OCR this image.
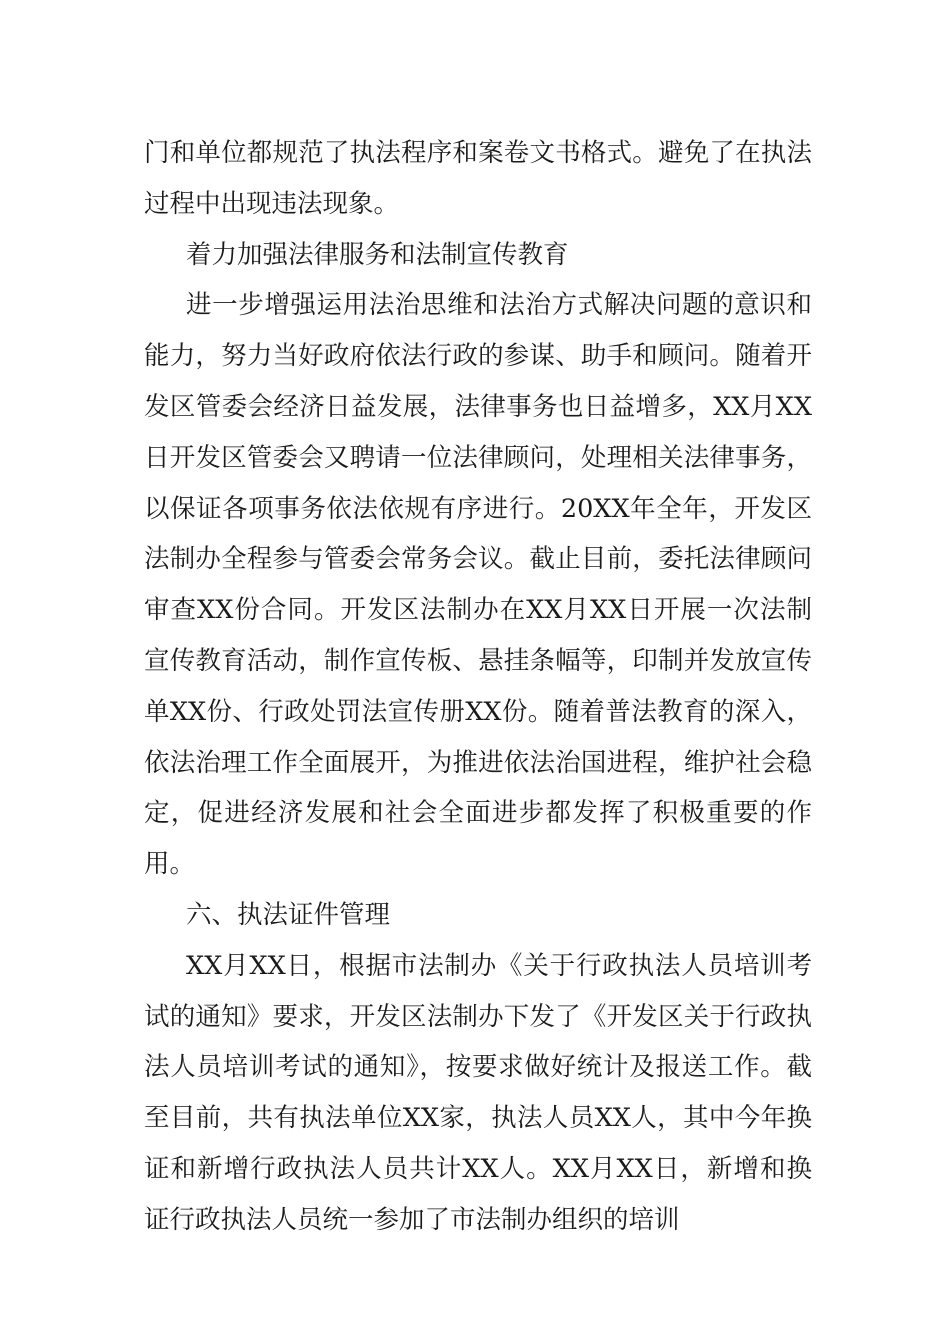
门和单位都规范了执法程序和案卷文书格式。避免了在执法过程中出现违法现象。

着力加强法律服务和法制宣传教育

进一步增强运用法治思维和法治方式解决问题的意识和能力，努力当好政府依法行政的参谋、助手和顾问。随着开发区管委会经济日益发展，法律事务也日益增多，XX月XX日开发区管委会又聘请一位法律顾问，处理相关法律事务，以保证各项事务依法依规有序进行。20XX年全年，开发区法制办全程参与管委会常务会议。截止目前，委托法律顾问审查XX份合同。开发区法制办在XX月XX日开展一次法制宣传教育活动，制作宣传板、悬挂条幅等，印制并发放宣传单XX份、行政处罚法宣传册XX份。随着普法教育的深入，依法治理工作全面展开，为推进依法治国进程，维护社会稳定，促进经济发展和社会全面进步都发挥了积极重要的作用。

六、执法证件管理

XX月XX日，根据市法制办《关于行政执法人员培训考试的通知》要求，开发区法制办下发了《开发区关于行政执法人员培训考试的通知》，按要求做好统计及报送工作。截至目前，共有执法单位XX家，执法人员XX人，其中今年换证和新增行政执法人员共计XX人。XX月XX日，新增和换证行政执法人员统一参加了市法制办组织的培训
